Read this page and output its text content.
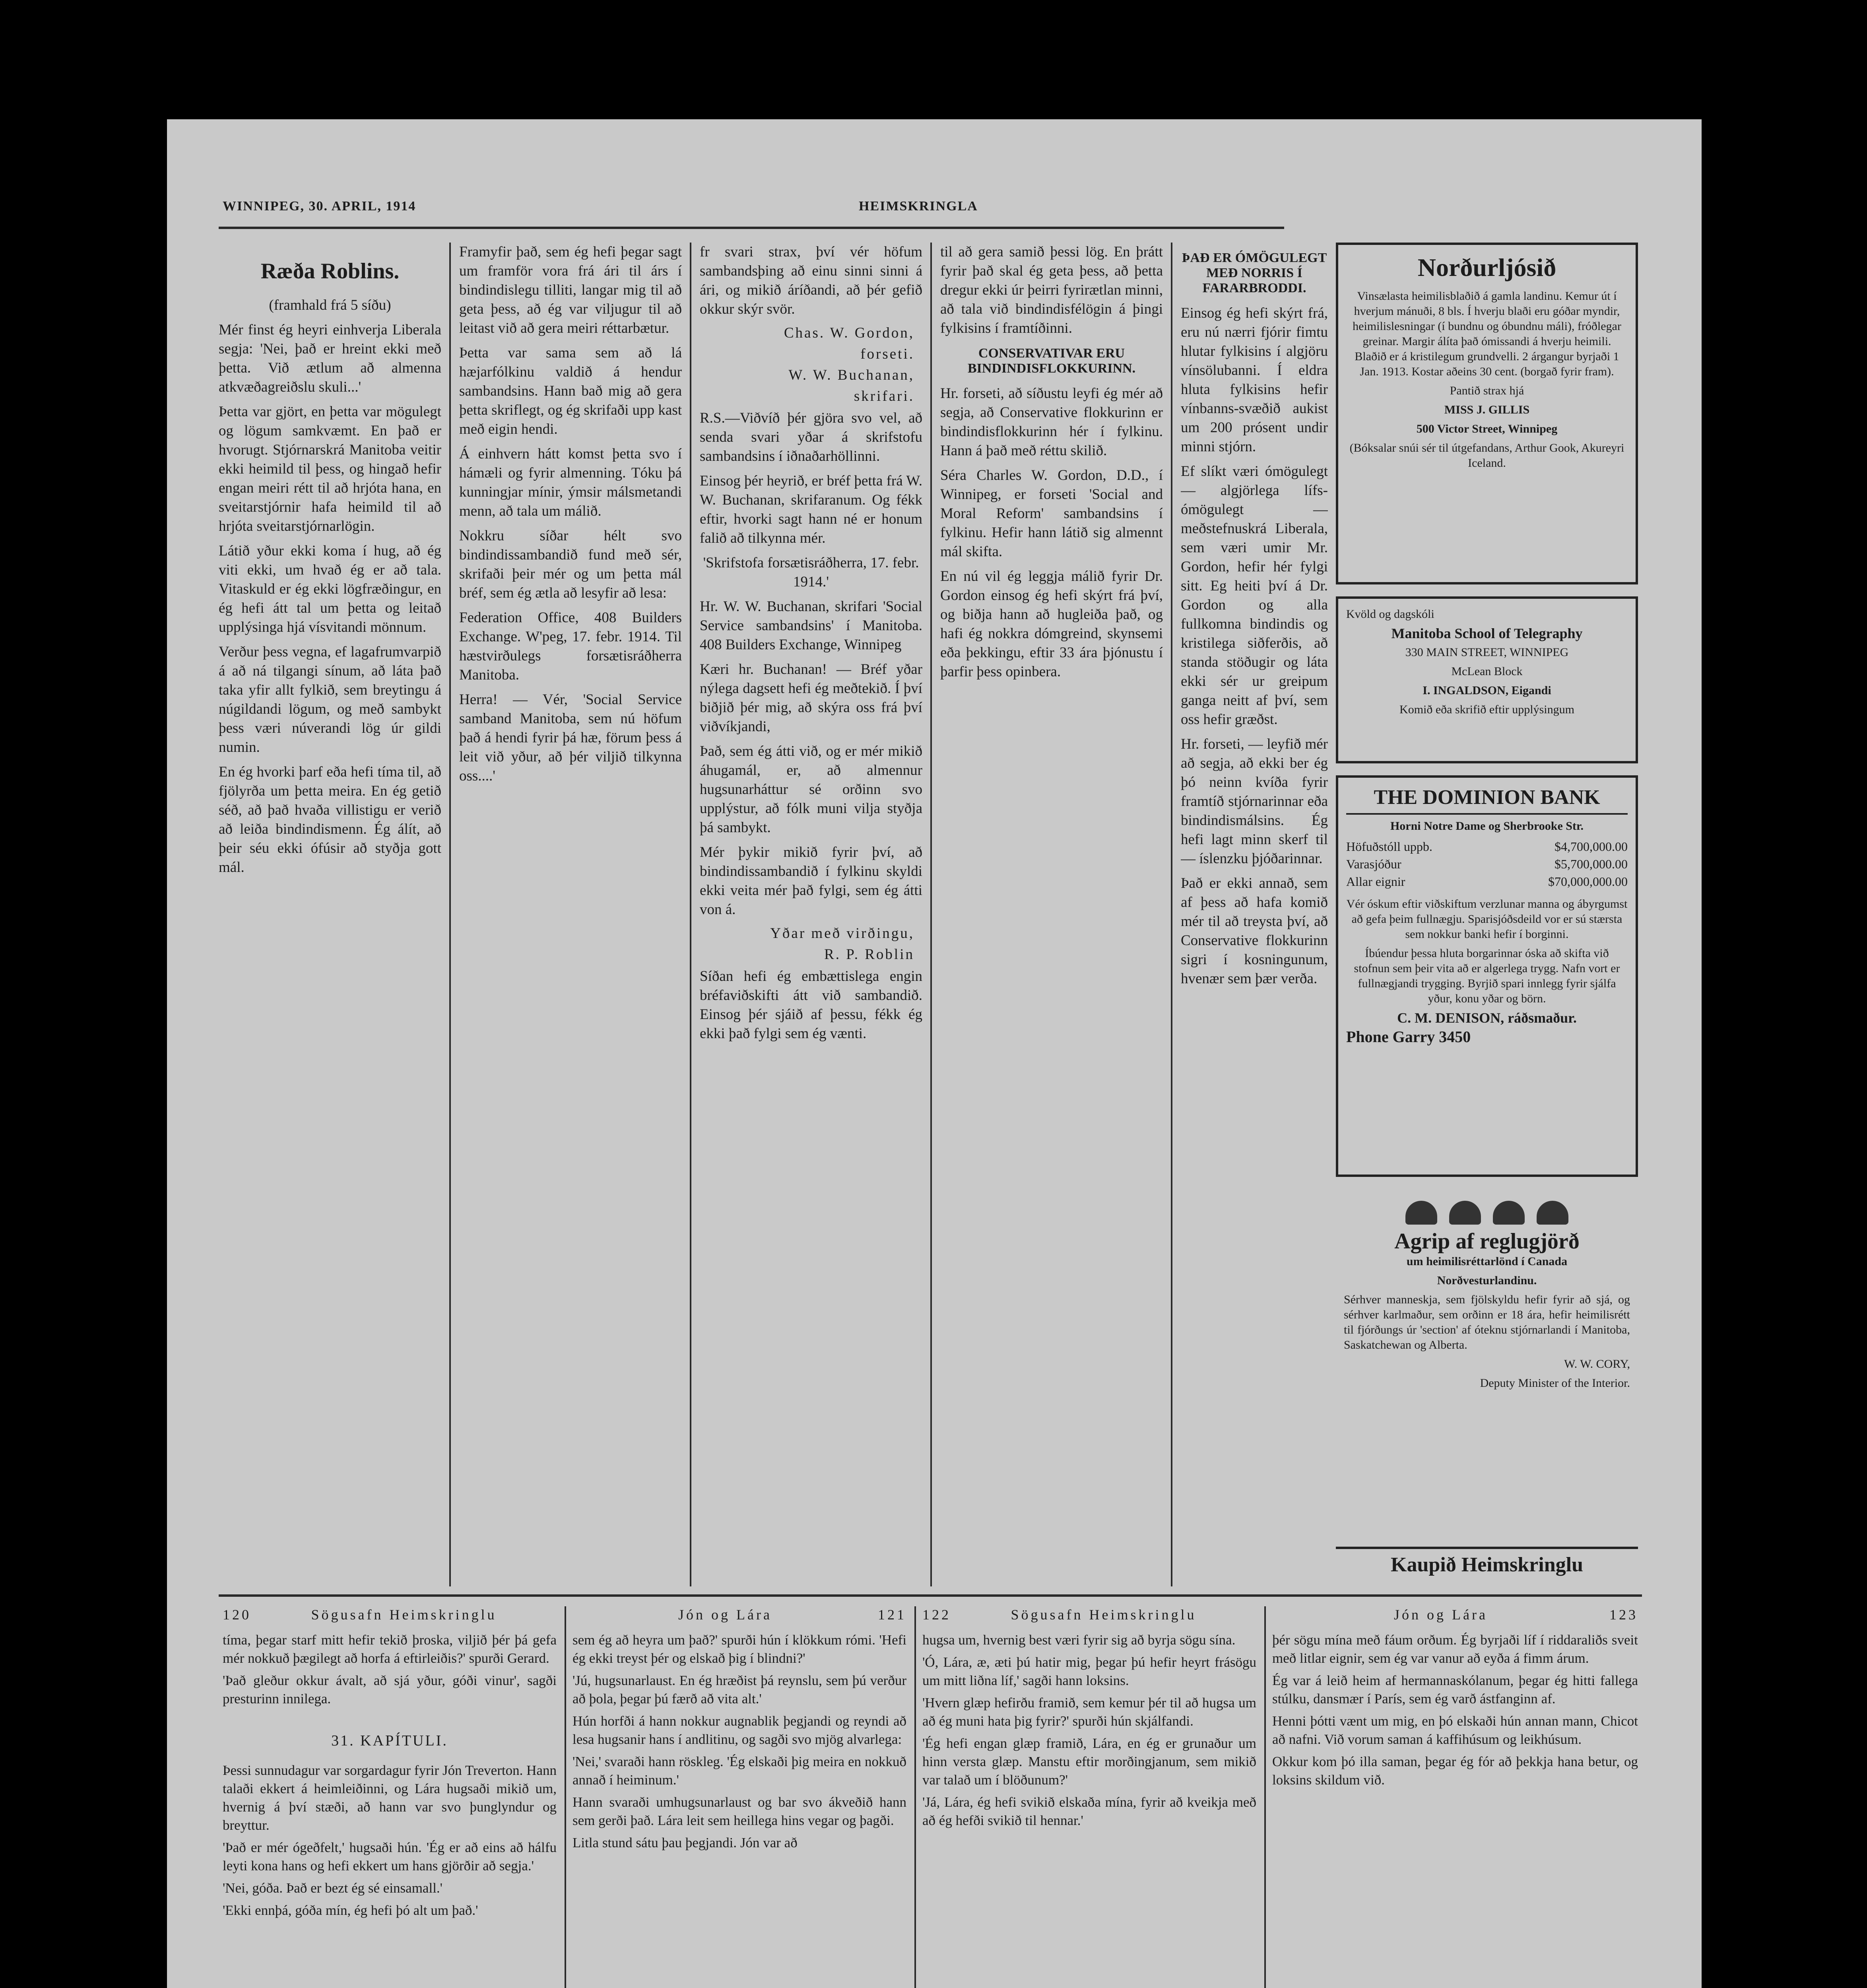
WINNIPEG, 30. APRIL, 1914	HEIMSKRINGLA
Ræða Roblins.

(framhald frá 5 síðu)

Mér finst ég heyri einhverja Liberala segja: 'Nei, það er hreint ekki með þetta. Við ætlum að almenna atkvæðagreiðslu skuli...'

Þetta var gjört, en þetta var mögulegt og lögum samkvæmt. En það er hvorugt. Stjórnarskrá Manitoba veitir ekki heimild til þess, og hingað hefir engan meiri rétt til að hrjóta hana, en sveitarstjórnir hafa heimild til að hrjóta sveitarstjórnarlögin.

Látið yður ekki koma í hug, að ég viti ekki, um hvað ég er að tala. Vitaskuld er ég ekki lögfræðingur, en ég hefi átt tal um þetta og leitað upplýsinga hjá vísvitandi mönnum.

Verður þess vegna, ef lagafrumvarpið á að ná tilgangi sínum, að láta það taka yfir allt fylkið, sem breytingu á núgildandi lögum, og með sambykt þess væri núverandi lög úr gildi numin.

En ég hvorki þarf eða hefi tíma til, að fjölyrða um þetta meira. En ég getið séð, að það hvaða villistigu er verið að leiða bindindismenn. Ég álít, að þeir séu ekki ófúsir að styðja gott mál.

Framyfir það, sem ég hefi þegar sagt um framför vora frá ári til árs í bindindislegu tilliti, langar mig til að geta þess, að ég var viljugur til að leitast við að gera meiri réttarbætur.

Þetta var sama sem að lá hæjarfólkinu valdið á hendur sambandsins. Hann bað mig að gera þetta skriflegt, og ég skrifaði upp kast með eigin hendi.

Á einhvern hátt komst þetta svo í hámæli og fyrir almenning. Tóku þá kunningjar mínir, ýmsir málsmetandi menn, að tala um málið.

Nokkru síðar hélt svo bindindissambandið fund með sér, skrifaði þeir mér og um þetta mál bréf, sem ég ætla að lesyfir að lesa:

Federation Office, 408 Builders Exchange. W'peg, 17. febr. 1914. Til hæstvirðulegs forsætisráðherra Manitoba.

Herra! — Vér, 'Social Service samband Manitoba, sem nú höfum það á hendi fyrir þá hæ, förum þess á leit við yður, að þér viljið tilkynna oss....'

fr svari strax, því vér höfum sambandsþing að einu sinni sinni á ári, og mikið áríðandi, að þér gefið okkur skýr svör.

Chas. W. Gordon,
forseti.
W. W. Buchanan,
skrifari.

R.S.—Viðvíð þér gjöra svo vel, að senda svari yðar á skrifstofu sambandsins í iðnaðarhöllinni.

Einsog þér heyrið, er bréf þetta frá W. W. Buchanan, skrifaranum. Og fékk eftir, hvorki sagt hann né er honum falið að tilkynna mér.

'Skrifstofa forsætisráðherra, 17. febr. 1914.'

Hr. W. W. Buchanan, skrifari 'Social Service sambandsins' í Manitoba. 408 Builders Exchange, Winnipeg

Kæri hr. Buchanan! — Bréf yðar nýlega dagsett hefi ég meðtekið. Í því biðjið þér mig, að skýra oss frá því viðvíkjandi,

Það, sem ég átti við, og er mér mikið áhugamál, er, að almennur hugsunarháttur sé orðinn svo upplýstur, að fólk muni vilja styðja þá sambykt.

Mér þykir mikið fyrir því, að bindindissambandið í fylkinu skyldi ekki veita mér það fylgi, sem ég átti von á.

Yðar með virðingu,
R. P. Roblin

Síðan hefi ég embættislega engin bréfaviðskifti átt við sambandið. Einsog þér sjáið af þessu, fékk ég ekki það fylgi sem ég vænti.

til að gera samið þessi lög. En þrátt fyrir það skal ég geta þess, að þetta dregur ekki úr þeirri fyrirætlan minni, að tala við bindindisfélögin á þingi fylkisins í framtíðinni.

CONSERVATIVAR ERU BINDINDISFLOKKURINN.

Hr. forseti, að síðustu leyfi ég mér að segja, að Conservative flokkurinn er bindindisflokkurinn hér í fylkinu. Hann á það með réttu skilið.

Séra Charles W. Gordon, D.D., í Winnipeg, er forseti 'Social and Moral Reform' sambandsins í fylkinu. Hefir hann látið sig almennt mál skifta.

En nú vil ég leggja málið fyrir Dr. Gordon einsog ég hefi skýrt frá því, og biðja hann að hugleiða það, og hafi ég nokkra dómgreind, skynsemi eða þekkingu, eftir 33 ára þjónustu í þarfir þess opinbera.

ÞAÐ ER ÓMÖGULEGT MEÐ NORRIS Í FARARBRODDI.

Einsog ég hefi skýrt frá, eru nú nærri fjórir fimtu hlutar fylkisins í algjöru vínsölubanni. Í eldra hluta fylkisins hefir vínbanns-svæðið aukist um 200 prósent undir minni stjórn.

Ef slíkt væri ómögulegt — algjörlega lífs-ómögulegt — meðstefnuskrá Liberala, sem væri umir Mr. Gordon, hefir hér fylgi sitt. Eg heiti því á Dr. Gordon og alla fullkomna bindindis og kristilega siðferðis, að standa stöðugir og láta ekki sér ur greipum ganga neitt af því, sem oss hefir græðst.

Hr. forseti, — leyfið mér að segja, að ekki ber ég þó neinn kvíða fyrir framtíð stjórnarinnar eða bindindismálsins. Ég hefi lagt minn skerf til — íslenzku þjóðarinnar.

Það er ekki annað, sem af þess að hafa komið mér til að treysta því, að Conservative flokkurinn sigri í kosningunum, hvenær sem þær verða.

Norðurljósið

Vinsælasta heimilisblaðið á gamla landinu. Kemur út í hverjum mánuði, 8 bls. Í hverju blaði eru góðar myndir, heimilislesningar (í bundnu og óbundnu máli), fróðlegar greinar. Margir álíta það ómissandi á hverju heimili. Blaðið er á kristilegum grundvelli. 2 árgangur byrjaði 1 Jan. 1913. Kostar aðeins 30 cent. (borgað fyrir fram).

Pantið strax hjá

MISS J. GILLIS

500 Victor Street, Winnipeg

(Bóksalar snúi sér til útgefandans, Arthur Gook, Akureyri Iceland.

Kvöld og dagskóli

Manitoba School of Telegraphy

330 MAIN STREET, WINNIPEG

McLean Block

I. INGALDSON, Eigandi

Komið eða skrifið eftir upplýsingum

THE DOMINION BANK

Horni Notre Dame og Sherbrooke Str.

Höfuðstóll uppb.	$4,700,000.00
Varasjóður	$5,700,000.00
Allar eignir	$70,000,000.00

Vér óskum eftir viðskiftum verzlunar manna og ábyrgumst að gefa þeim fullnægju. Sparisjóðsdeild vor er sú stærsta sem nokkur banki hefir í borginni.

Íbúendur þessa hluta borgarinnar óska að skifta við stofnun sem þeir vita að er algerlega trygg. Nafn vort er fullnægjandi trygging. Byrjið spari innlegg fyrir sjálfa yður, konu yðar og börn.

C. M. DENISON, ráðsmaður.

Phone Garry 3450

Agrip af reglugjörð

um heimilisréttarlönd í Canada

Norðvesturlandinu.

Sérhver manneskja, sem fjölskyldu hefir fyrir að sjá, og sérhver karlmaður, sem orðinn er 18 ára, hefir heimilisrétt til fjórðungs úr 'section' af óteknu stjórnarlandi í Manitoba, Saskatchewan og Alberta.

W. W. CORY,

Deputy Minister of the Interior.

Kaupið Heimskringlu
120	Sögusafn Heimskringlu

tíma, þegar starf mitt hefir tekið þroska, viljið þér þá gefa mér nokkuð þægilegt að horfa á eftirleiðis?' spurði Gerard.

'Það gleður okkur ávalt, að sjá yður, góði vinur', sagði presturinn innilega.

31. KAPÍTULI.

Þessi sunnudagur var sorgardagur fyrir Jón Treverton. Hann talaði ekkert á heimleiðinni, og Lára hugsaði mikið um, hvernig á því stæði, að hann var svo þunglyndur og breyttur.

'Það er mér ógeðfelt,' hugsaði hún. 'Ég er að eins að hálfu leyti kona hans og hefi ekkert um hans gjörðir að segja.'

'Nei, góða. Það er bezt ég sé einsamall.'

'Ekki ennþá, góða mín, ég hefi þó alt um það.'

Jón og Lára	121

sem ég að heyra um það?' spurði hún í klökkum rómi. 'Hefi ég ekki treyst þér og elskað þig í blindni?'

'Jú, hugsunarlaust. En ég hræðist þá reynslu, sem þú verður að þola, þegar þú færð að vita alt.'

Hún horfði á hann nokkur augnablik þegjandi og reyndi að lesa hugsanir hans í andlitinu, og sagði svo mjög alvarlega:

'Nei,' svaraði hann röskleg. 'Ég elskaði þig meira en nokkuð annað í heiminum.'

Hann svaraði umhugsunarlaust og bar svo ákveðið hann sem gerði það. Lára leit sem heillega hins vegar og þagði.

Litla stund sátu þau þegjandi. Jón var að

122	Sögusafn Heimskringlu

hugsa um, hvernig best væri fyrir sig að byrja sögu sína.

'Ó, Lára, æ, æti þú hatir mig, þegar þú hefir heyrt frásögu um mitt liðna líf,' sagði hann loksins.

'Hvern glæp hefirðu framið, sem kemur þér til að hugsa um að ég muni hata þig fyrir?' spurði hún skjálfandi.

'Ég hefi engan glæp framið, Lára, en ég er grunaður um hinn versta glæp. Manstu eftir morðingjanum, sem mikið var talað um í blöðunum?'

'Já, Lára, ég hefi svikið elskaða mína, fyrir að kveikja með að ég hefði svikið til hennar.'

Jón og Lára	123

þér sögu mína með fáum orðum. Ég byrjaði líf í riddaraliðs sveit með litlar eignir, sem ég var vanur að eyða á fimm árum.

Ég var á leið heim af hermannaskólanum, þegar ég hitti fallega stúlku, dansmær í París, sem ég varð ástfanginn af.

Henni þótti vænt um mig, en þó elskaði hún annan mann, Chicot að nafni. Við vorum saman á kaffihúsum og leikhúsum.

Okkur kom þó illa saman, þegar ég fór að þekkja hana betur, og loksins skildum við.
